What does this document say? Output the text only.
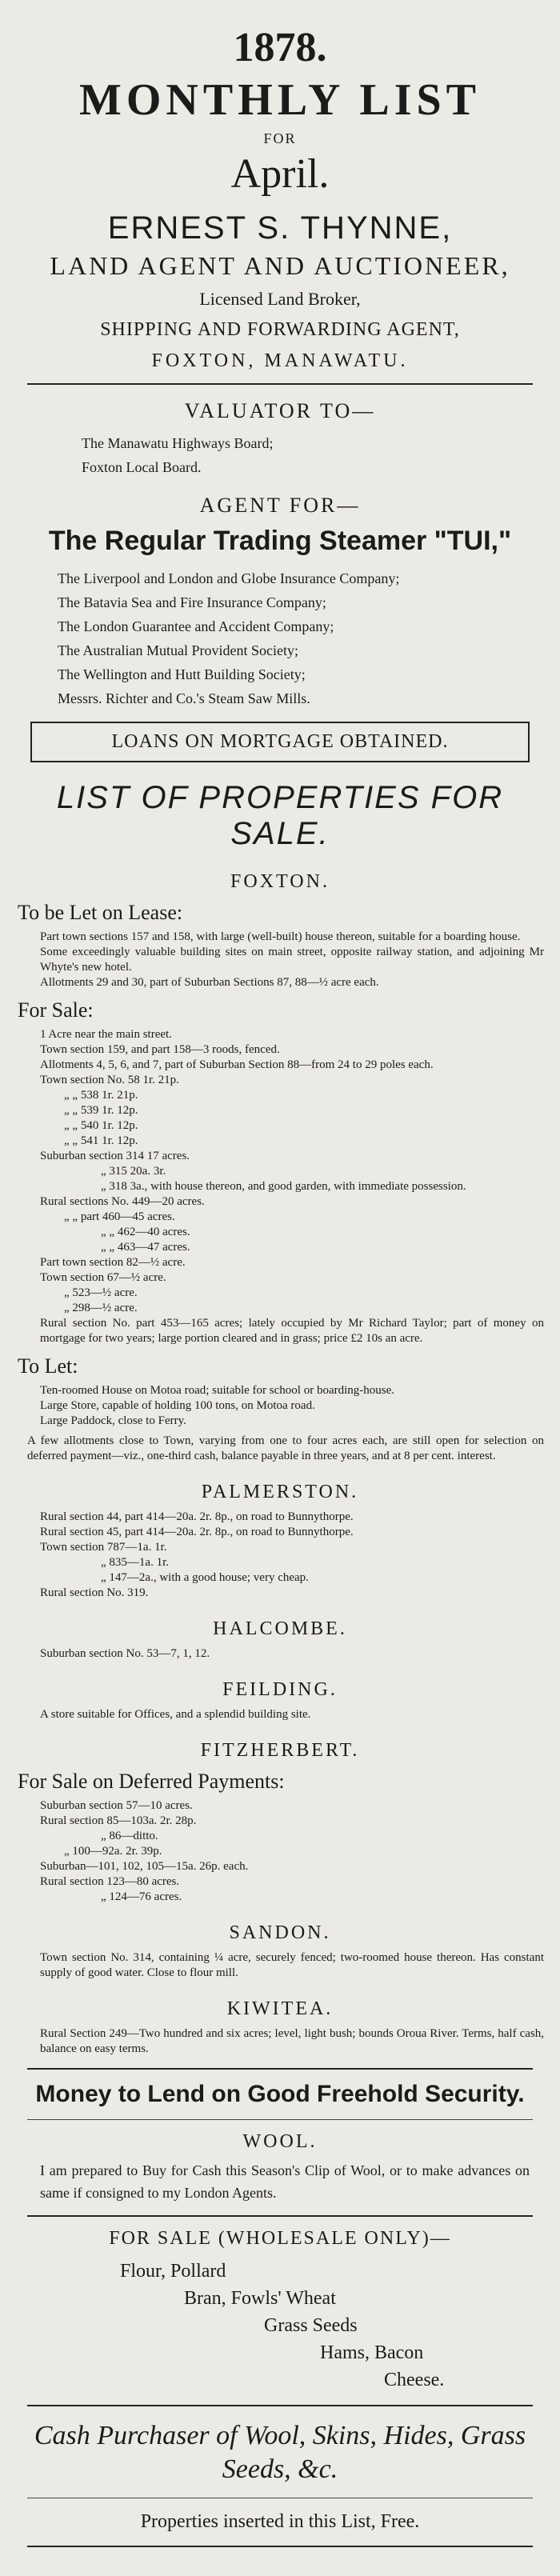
1878.

MONTHLY LIST

FOR

April.

ERNEST S. THYNNE,

LAND AGENT AND AUCTIONEER,

Licensed Land Broker,

SHIPPING AND FORWARDING AGENT,

FOXTON, MANAWATU.

VALUATOR TO—

The Manawatu Highways Board;
Foxton Local Board.

AGENT FOR—

The Regular Trading Steamer "TUI,"

The Liverpool and London and Globe Insurance Company;
The Batavia Sea and Fire Insurance Company;
The London Guarantee and Accident Company;
The Australian Mutual Provident Society;
The Wellington and Hutt Building Society;
Messrs. Richter and Co.'s Steam Saw Mills.
LOANS ON MORTGAGE OBTAINED.

LIST OF PROPERTIES FOR SALE.

FOXTON.

To be Let on Lease:

Part town sections 157 and 158, with large (well-built) house thereon, suitable for a boarding house.

Some exceedingly valuable building sites on main street, opposite railway station, and adjoining Mr Whyte's new hotel.

Allotments 29 and 30, part of Suburban Sections 87, 88—½ acre each.

For Sale:

1 Acre near the main street.

Town section 159, and part 158—3 roods, fenced.

Allotments 4, 5, 6, and 7, part of Suburban Section 88—from 24 to 29 poles each.

Town section No. 58 1r. 21p.

„ „ 538 1r. 21p.

„ „ 539 1r. 12p.

„ „ 540 1r. 12p.

„ „ 541 1r. 12p.

Suburban section 314 17 acres.

„ 315 20a. 3r.

„ 318 3a., with house thereon, and good garden, with immediate possession.

Rural sections No. 449—20 acres.

„ „ part 460—45 acres.

„ „ 462—40 acres.

„ „ 463—47 acres.

Part town section 82—½ acre.

Town section 67—½ acre.

„ 523—½ acre.

„ 298—½ acre.

Rural section No. part 453—165 acres; lately occupied by Mr Richard Taylor; part of money on mortgage for two years; large portion cleared and in grass; price £2 10s an acre.

To Let:

Ten-roomed House on Motoa road; suitable for school or boarding-house.

Large Store, capable of holding 100 tons, on Motoa road.

Large Paddock, close to Ferry.

A few allotments close to Town, varying from one to four acres each, are still open for selection on deferred payment—viz., one-third cash, balance payable in three years, and at 8 per cent. interest.

PALMERSTON.

Rural section 44, part 414—20a. 2r. 8p., on road to Bunnythorpe.

Rural section 45, part 414—20a. 2r. 8p., on road to Bunnythorpe.

Town section 787—1a. 1r.

„ 835—1a. 1r.

„ 147—2a., with a good house; very cheap.

Rural section No. 319.

HALCOMBE.

Suburban section No. 53—7, 1, 12.

FEILDING.

A store suitable for Offices, and a splendid building site.

FITZHERBERT.

For Sale on Deferred Payments:

Suburban section 57—10 acres.

Rural section 85—103a. 2r. 28p.

„ 86—ditto.

„ 100—92a. 2r. 39p.

Suburban—101, 102, 105—15a. 26p. each.

Rural section 123—80 acres.

„ 124—76 acres.

SANDON.

Town section No. 314, containing ¼ acre, securely fenced; two-roomed house thereon. Has constant supply of good water. Close to flour mill.

KIWITEA.

Rural Section 249—Two hundred and six acres; level, light bush; bounds Oroua River. Terms, half cash, balance on easy terms.

Money to Lend on Good Freehold Security.

WOOL.

I am prepared to Buy for Cash this Season's Clip of Wool, or to make advances on same if consigned to my London Agents.

FOR SALE (WHOLESALE ONLY)—

Flour, Pollard

Bran, Fowls' Wheat

Grass Seeds

Hams, Bacon

Cheese.

Cash Purchaser of Wool, Skins, Hides, Grass Seeds, &c.

Properties inserted in this List, Free.
